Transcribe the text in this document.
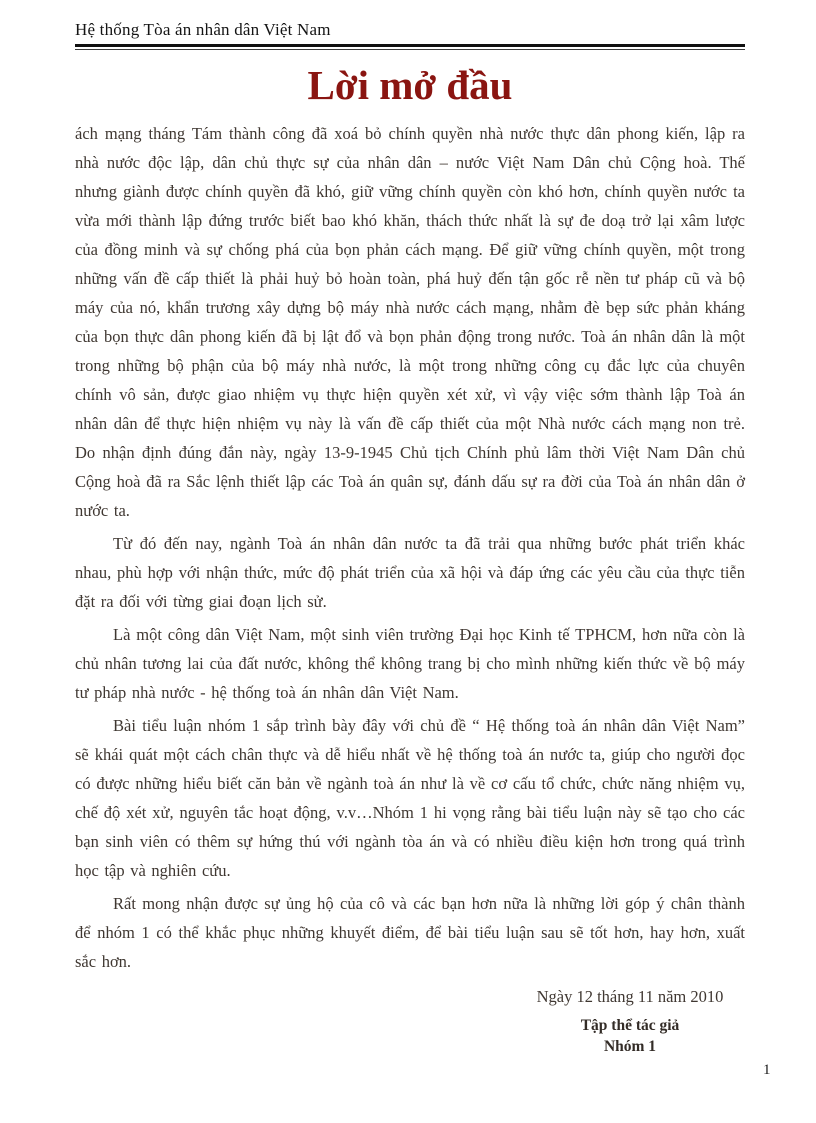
Hệ thống Tòa án nhân dân Việt Nam
Lời mở đầu

ách mạng tháng Tám thành công đã xoá bỏ chính quyền nhà nước thực dân phong kiến, lập ra nhà nước độc lập, dân chủ thực sự của nhân dân – nước Việt Nam Dân chủ Cộng hoà. Thế nhưng giành được chính quyền đã khó, giữ vững chính quyền còn khó hơn, chính quyền nước ta vừa mới thành lập đứng trước biết bao khó khăn, thách thức nhất là sự đe doạ trở lại xâm lược của đồng minh và sự chống phá của bọn phản cách mạng. Để giữ vững chính quyền, một trong những vấn đề cấp thiết là phải huỷ bỏ hoàn toàn, phá huỷ đến tận gốc rễ nền tư pháp cũ và bộ máy của nó, khẩn trương xây dựng bộ máy nhà nước cách mạng, nhằm đè bẹp sức phản kháng của bọn thực dân phong kiến đã bị lật đổ và bọn phản động trong nước. Toà án nhân dân là một trong những bộ phận của bộ máy nhà nước, là một trong những công cụ đắc lực của chuyên chính vô sản, được giao nhiệm vụ thực hiện quyền xét xử, vì vậy việc sớm thành lập Toà án nhân dân để thực hiện nhiệm vụ này là vấn đề cấp thiết của một Nhà nước cách mạng non trẻ. Do nhận định đúng đắn này, ngày 13-9-1945 Chủ tịch Chính phủ lâm thời Việt Nam Dân chủ Cộng hoà đã ra Sắc lệnh thiết lập các Toà án quân sự, đánh dấu sự ra đời của Toà án nhân dân ở nước ta.

Từ đó đến nay, ngành Toà án nhân dân nước ta đã trải qua những bước phát triển khác nhau, phù hợp với nhận thức, mức độ phát triển của xã hội và đáp ứng các yêu cầu của thực tiễn đặt ra đối với từng giai đoạn lịch sử.

Là một công dân Việt Nam, một sinh viên trường Đại học Kinh tế TPHCM, hơn nữa còn là chủ nhân tương lai của đất nước, không thể không trang bị cho mình những kiến thức về bộ máy tư pháp nhà nước - hệ thống toà án nhân dân Việt Nam.

Bài tiểu luận nhóm 1 sắp trình bày đây với chủ đề “ Hệ thống toà án nhân dân Việt Nam” sẽ khái quát một cách chân thực và dễ hiểu nhất về hệ thống toà án nước ta, giúp cho người đọc có được những hiểu biết căn bản về ngành toà án như là về cơ cấu tổ chức, chức năng nhiệm vụ, chế độ xét xử, nguyên tắc hoạt động, v.v…Nhóm 1 hi vọng rằng bài tiểu luận này sẽ tạo cho các bạn sinh viên có thêm sự hứng thú với ngành tòa án và có nhiều điều kiện hơn trong quá trình học tập và nghiên cứu.

Rất mong nhận được sự ủng hộ của cô và các bạn hơn nữa là những lời góp ý chân thành để nhóm 1 có thể khắc phục những khuyết điểm, để bài tiểu luận sau sẽ tốt hơn, hay hơn, xuất sắc hơn.

Ngày 12 tháng 11 năm 2010
Tập thể tác giả
Nhóm 1
1
